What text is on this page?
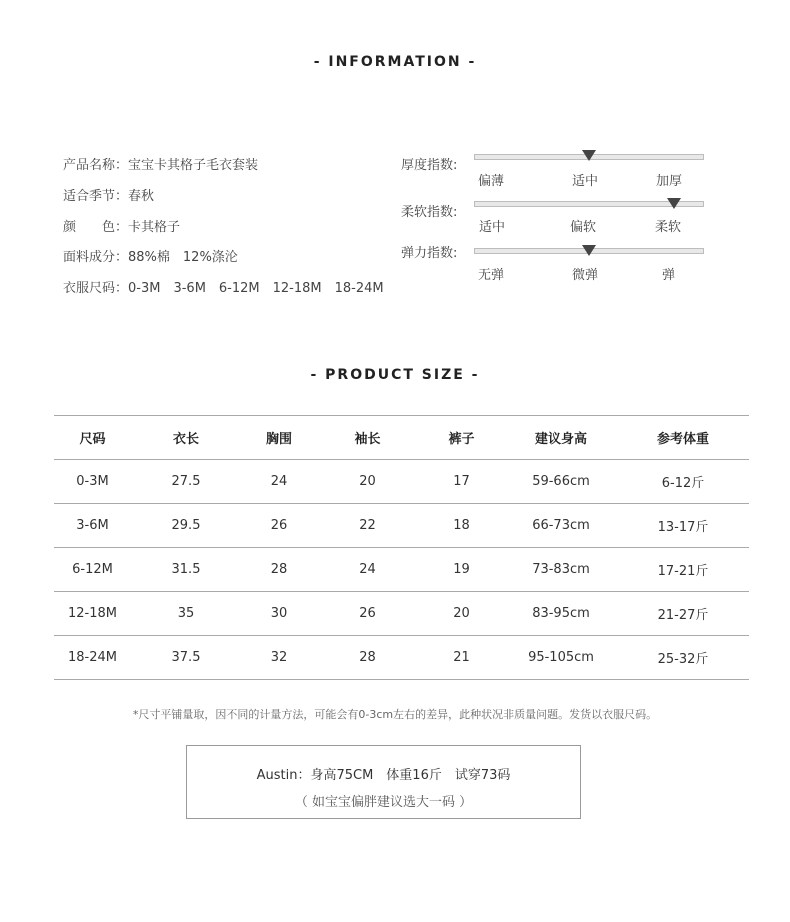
- INFORMATION -
产品名称：宝宝卡其格子毛衣套装
适合季节：春秋
颜　　色：卡其格子
面料成分：88%棉　12%涤沦
衣服尺码：0-3M　3-6M　6-12M　12-18M　18-24M
厚度指数:
偏薄	适中	加厚
柔软指数:
适中	偏软	柔软
弹力指数:
无弹	微弹	弹
- PRODUCT SIZE -
尺码	衣长	胸围	袖长	裤子	建议身高	参考体重
0-3M	27.5	24	20	17	59-66cm	6-12斤
3-6M	29.5	26	22	18	66-73cm	13-17斤
6-12M	31.5	28	24	19	73-83cm	17-21斤
12-18M	35	30	26	20	83-95cm	21-27斤
18-24M	37.5	32	28	21	95-105cm	25-32斤
*尺寸平铺量取，因不同的计量方法，可能会有0-3cm左右的差异，此种状况非质量问题。发货以衣服尺码。
Austin：身高75CM　体重16斤　试穿73码
（ 如宝宝偏胖建议选大一码 ）
